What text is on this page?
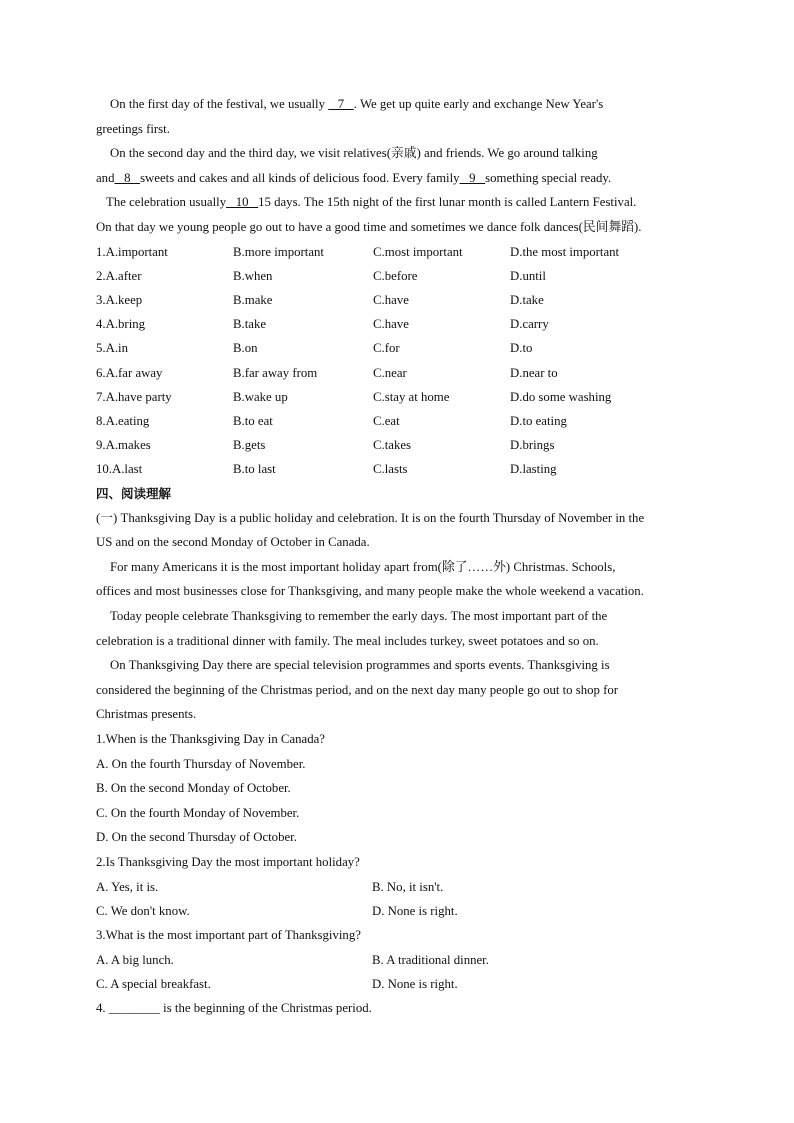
On the first day of the festival, we usually    7   . We get up quite early and exchange New Year's

greetings first.

On the second day and the third day, we visit relatives(亲戚) and friends. We go around talking

and   8   sweets and cakes and all kinds of delicious food. Every family   9   something special ready.

The celebration usually   10   15 days. The 15th night of the first lunar month is called Lantern Festival.

On that day we young people go out to have a good time and sometimes we dance folk dances(民间舞蹈).

1.A.important	B.more important	C.most important	D.the most important
2.A.after	B.when	C.before	D.until
3.A.keep	B.make	C.have	D.take
4.A.bring	B.take	C.have	D.carry
5.A.in	B.on	C.for	D.to
6.A.far away	B.far away from	C.near	D.near to
7.A.have party	B.wake up	C.stay at home	D.do some washing
8.A.eating	B.to eat	C.eat	D.to eating
9.A.makes	B.gets	C.takes	D.brings
10.A.last	B.to last	C.lasts	D.lasting

四、阅读理解

(一) Thanksgiving Day is a public holiday and celebration. It is on the fourth Thursday of November in the

US and on the second Monday of October in Canada.

For many Americans it is the most important holiday apart from(除了……外) Christmas. Schools,

offices and most businesses close for Thanksgiving, and many people make the whole weekend a vacation.

Today people celebrate Thanksgiving to remember the early days. The most important part of the

celebration is a traditional dinner with family. The meal includes turkey, sweet potatoes and so on.

On Thanksgiving Day there are special television programmes and sports events. Thanksgiving is

considered the beginning of the Christmas period, and on the next day many people go out to shop for

Christmas presents.

1.When is the Thanksgiving Day in Canada?

A. On the fourth Thursday of November.

B. On the second Monday of October.

C. On the fourth Monday of November.

D. On the second Thursday of October.

2.Is Thanksgiving Day the most important holiday?

A. Yes, it is.	B. No, it isn't.
C. We don't know.	D. None is right.

3.What is the most important part of Thanksgiving?

A. A big lunch.	B. A traditional dinner.
C. A special breakfast.	D. None is right.

4. ________ is the beginning of the Christmas period.
